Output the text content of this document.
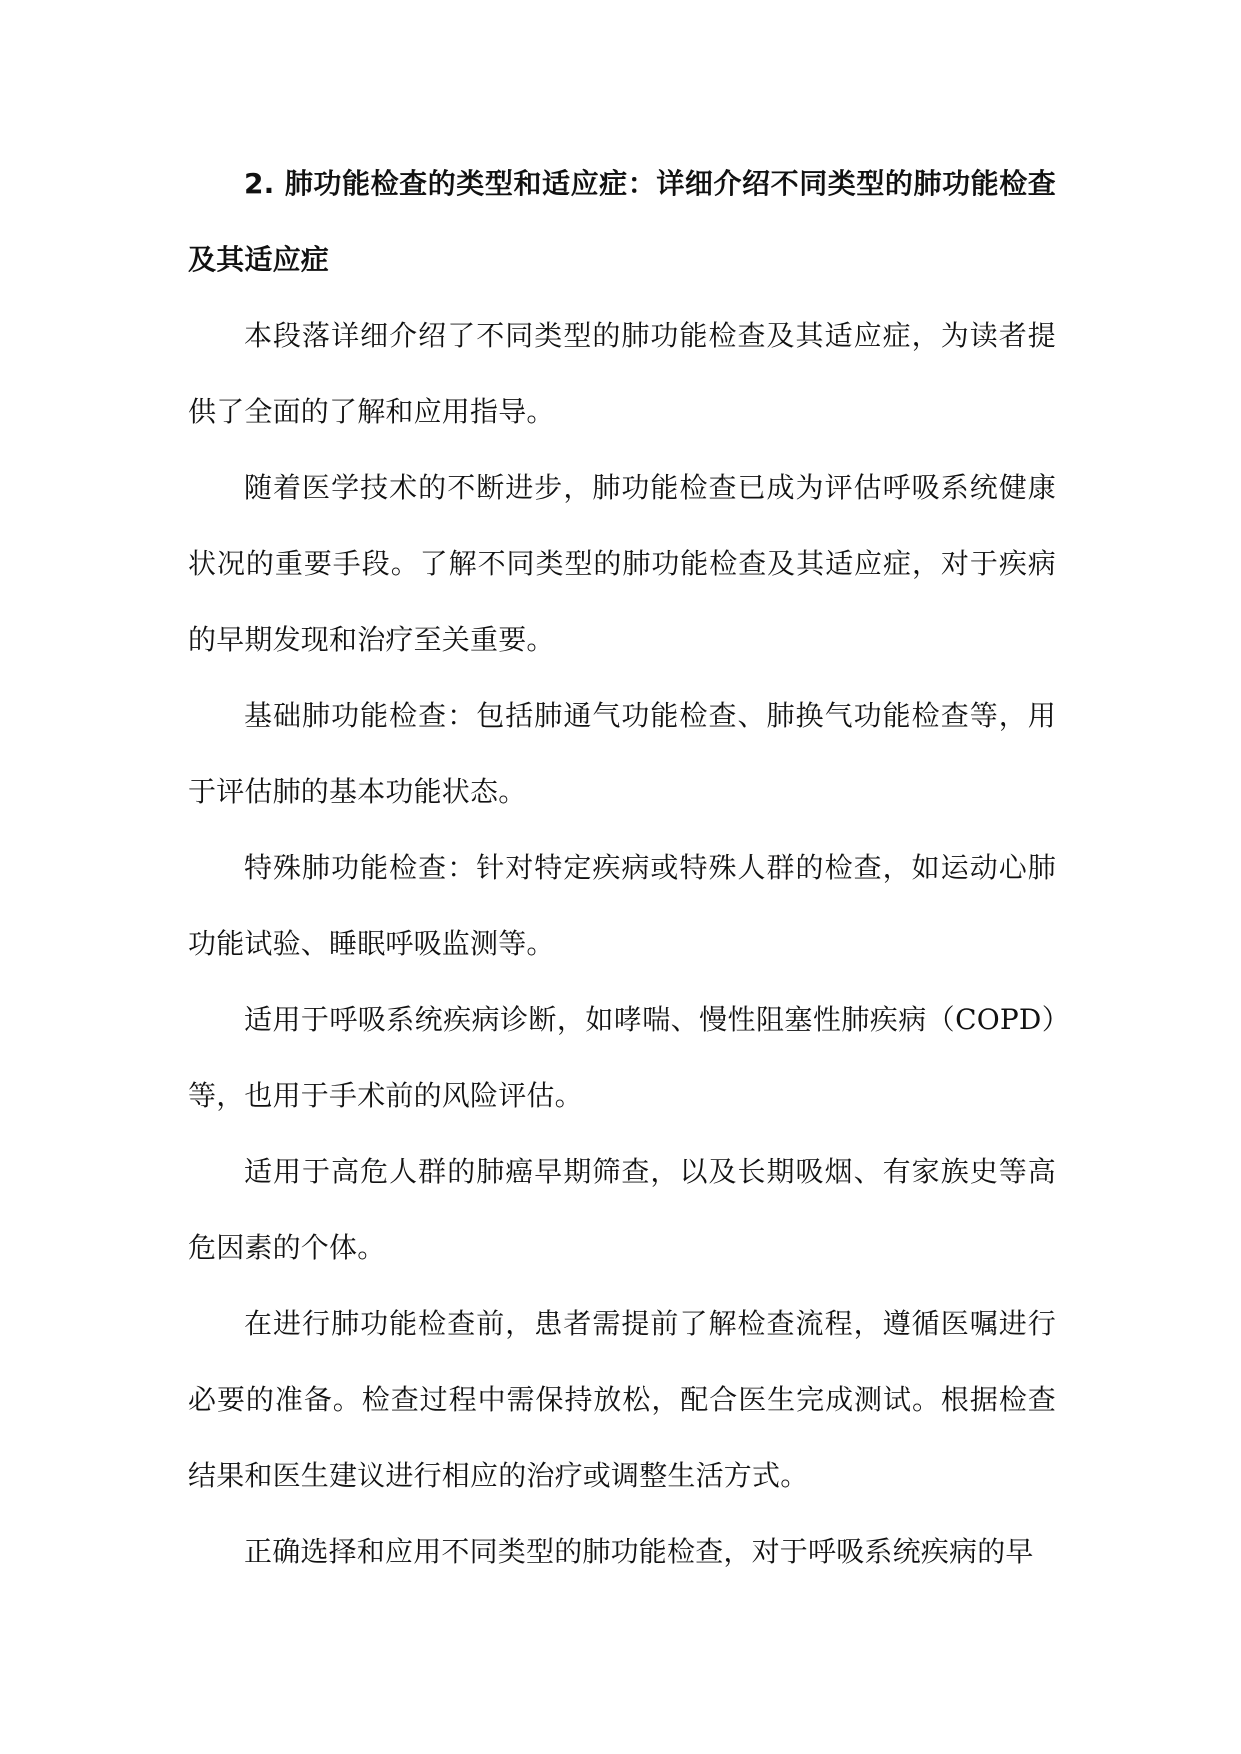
2. 肺功能检查的类型和适应症：详细介绍不同类型的肺功能检查及其适应症

本段落详细介绍了不同类型的肺功能检查及其适应症，为读者提供了全面的了解和应用指导。

随着医学技术的不断进步，肺功能检查已成为评估呼吸系统健康状况的重要手段。了解不同类型的肺功能检查及其适应症，对于疾病的早期发现和治疗至关重要。

基础肺功能检查：包括肺通气功能检查、肺换气功能检查等，用于评估肺的基本功能状态。

特殊肺功能检查：针对特定疾病或特殊人群的检查，如运动心肺功能试验、睡眠呼吸监测等。

适用于呼吸系统疾病诊断，如哮喘、慢性阻塞性肺疾病（COPD）等，也用于手术前的风险评估。

适用于高危人群的肺癌早期筛查，以及长期吸烟、有家族史等高危因素的个体。

在进行肺功能检查前，患者需提前了解检查流程，遵循医嘱进行必要的准备。检查过程中需保持放松，配合医生完成测试。根据检查结果和医生建议进行相应的治疗或调整生活方式。

正确选择和应用不同类型的肺功能检查，对于呼吸系统疾病的早
